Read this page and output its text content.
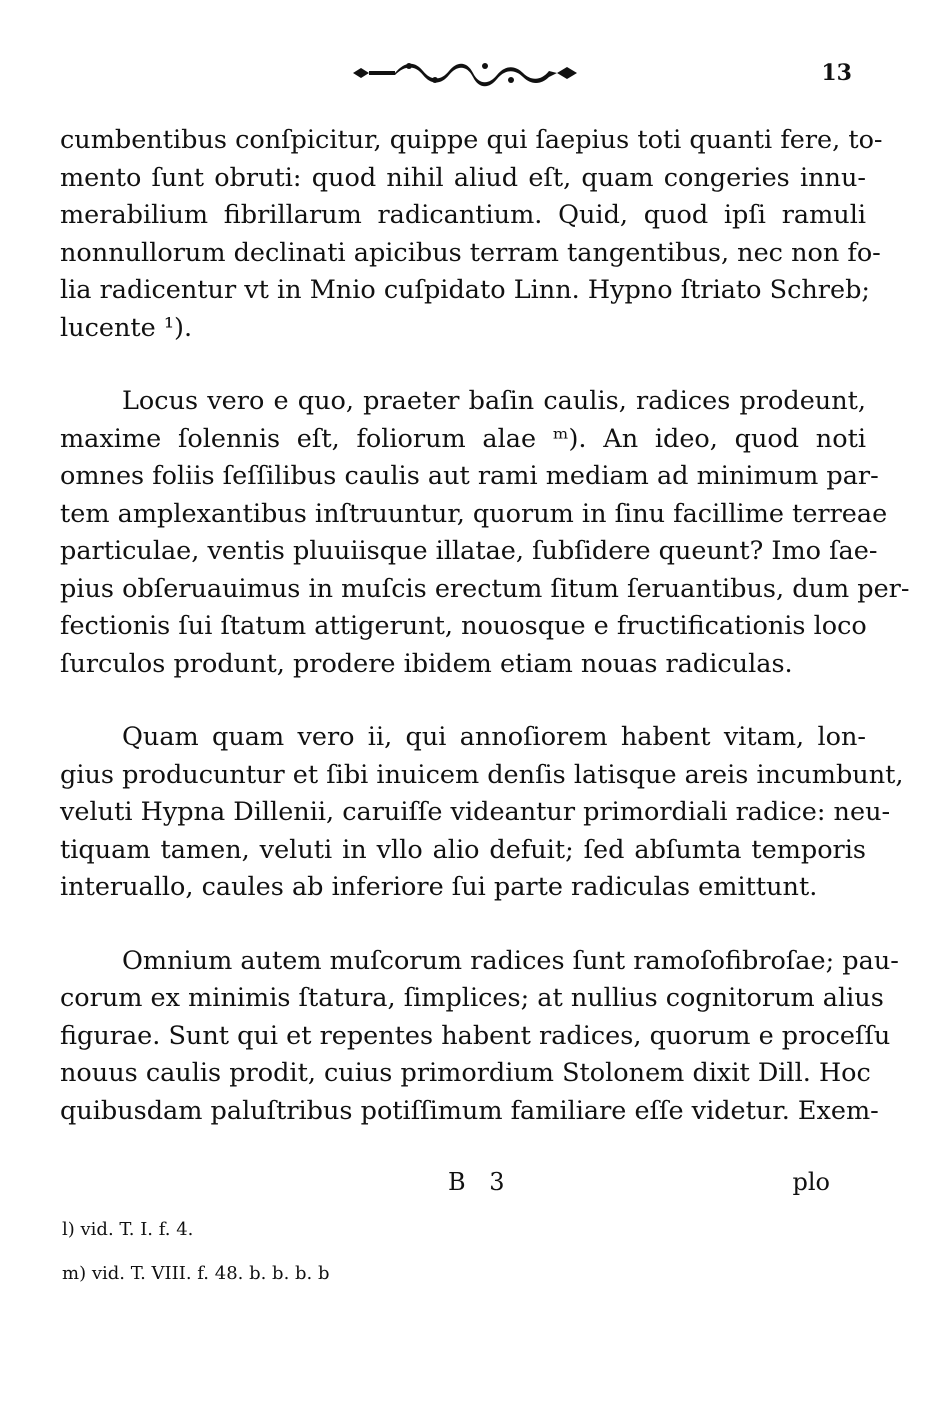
13
cumbentibus conſpicitur, quippe qui ſaepius toti quanti fere, to-
mento ſunt obruti: quod nihil aliud eſt, quam congeries innu-
merabilium fibrillarum radicantium. Quid, quod ipſi ramuli
nonnullorum declinati apicibus terram tangentibus, nec non fo-
lia radicentur vt in Mnio cuſpidato Linn. Hypno ſtriato Schreb;
lucente ¹).
Locus vero e quo, praeter baſin caulis, radices prodeunt,
maxime ſolennis eſt, foliorum alae ᵐ). An ideo, quod noti
omnes foliis ſeſſilibus caulis aut rami mediam ad minimum par-
tem amplexantibus inſtruuntur, quorum in ſinu facillime terreae
particulae, ventis pluuiisque illatae, ſubſidere queunt? Imo ſae-
pius obſeruauimus in muſcis erectum ſitum ſeruantibus, dum per-
fectionis ſui ſtatum attigerunt, nouosque e fructificationis loco
ſurculos produnt, prodere ibidem etiam nouas radiculas.
Quam quam vero ii, qui annoſiorem habent vitam, lon-
gius producuntur et ſibi inuicem denſis latisque areis incumbunt,
veluti Hypna Dillenii, caruiſſe videantur primordiali radice: neu-
tiquam tamen, veluti in vllo alio defuit; ſed abſumta temporis
interuallo, caules ab inferiore ſui parte radiculas emittunt.
Omnium autem muſcorum radices ſunt ramoſofibroſae; pau-
corum ex minimis ſtatura, ſimplices; at nullius cognitorum alius
figurae. Sunt qui et repentes habent radices, quorum e proceſſu
nouus caulis prodit, cuius primordium Stolonem dixit Dill. Hoc
quibusdam paluſtribus potiſſimum familiare eſſe videtur. Exem-
B 3	plo
l) vid. T. I. f. 4.
m) vid. T. VIII. f. 48. b. b. b. b
